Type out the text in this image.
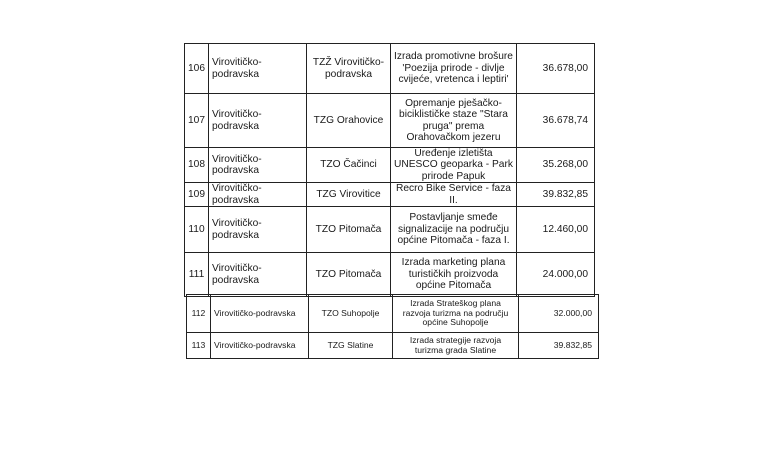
106	Virovitičko-podravska	TZŽ Virovitičko-podravska	Izrada promotivne brošure 'Poezija prirode - divlje cvijeće, vretenca i leptiri'	36.678,00
107	Virovitičko-podravska	TZG Orahovice	Opremanje pješačko-biciklističke staze "Stara pruga" prema Orahovačkom jezeru	36.678,74
108	Virovitičko-podravska	TZO Čačinci	Uređenje izletišta UNESCO geoparka - Park prirode Papuk	35.268,00
109	Virovitičko-podravska	TZG Virovitice	Recro Bike Service - faza II.	39.832,85
110	Virovitičko-podravska	TZO Pitomača	Postavljanje smeđe signalizacije na području općine Pitomača - faza I.	12.460,00
111	Virovitičko-podravska	TZO Pitomača	Izrada marketing plana turističkih proizvoda općine Pitomača	24.000,00
112	Virovitičko-podravska	TZO Suhopolje	Izrada Strateškog plana razvoja turizma na području općine Suhopolje	32.000,00
113	Virovitičko-podravska	TZG Slatine	Izrada strategije razvoja turizma grada Slatine	39.832,85
